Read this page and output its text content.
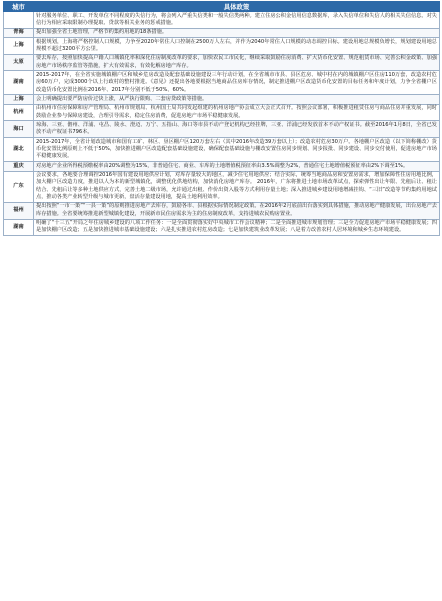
城市	具体政策
	针对服务单位、职工、开发单位不同程度的失信行为，将会列入严重失信类和一般失信类两种。建立住房公积金信用信息数据库，录入失信单位和失信人的相关失信信息。对失信行为相应采取限制办理提取、贷款等相关业务的惩戒措施。
青海	提出加强全省土地管理，严格节约集约用地的18条措施。
上海	根据规划，上海将严格控制人口规模，力争至2020年常住人口控制在2500万人左右，并作为2040年常住人口规模的动态调控目标。建设用地总规模负增长，规划建设用地总规模不超过3200平方公里。
太原	要去库存，按照加快提高户籍人口城镇化率和深化住房制度改革的要求，加快农民工市民化，继续采取鼓励住房消费、扩大货币化安置、规范租赁市场、完善公积金政策、加强房地产市场秩序监管等措施，扩大有效需求，有效化解房地产库存。
湖南	2015-2017年，在全省实施城镇棚户区和城乡危房改造及配套基础设施建设三年行动计划，在全省城市市县、县区危房、城中村在内的城镇棚户区住房110万套，改造农村危房60万户，完成3000个以上行政村的整村推进。《意见》还提出各地要根据当地商品住房库存情况，制定推进棚户区改造货币化安置的目标任务和年度计划，力争全省棚户区改造货币化安置比例在2016年、2017年分别不低于50%、60%。
上海	会上明确提出要严防房价过快上涨，从严执行限购、二套房贷政策等措施。
杭州	由杭州市住房保障和房产管理局、杭州市规划局、杭州国土局共同发起组建的杭州房地产协会成立大会正式召开。按照会议部署，积极推进租赁住房与商品住房并重发展，同时鼓励企业参与保障房建设，合理引导需求，稳定住房消费，促进房地产市场平稳健康发展。
海口	琼海、三亚、儋州、洋浦、屯昌、陵水、澄迈、万宁、五指山、海口等市县不动产登记机构已经挂牌，三亚、洋浦已经发放首本不动产权证书。截至2016年1月8日，全省已发放不动产权证书796本。
湖北	2015-2017年，全省计划改造城市和国有工矿、林区、垦区棚户区120万套左右（其中2016年改造39万套以上）；改造农村危房30万户。各地棚户区改造（以下简称棚改）货币化安置比例原则上不低于50%，加快推进棚户区改造配套基础设施建设，确保配套基础设施与棚改安置住房同步规划、同步报批、同步建设、同步交付使用，促进房地产市场平稳健康发展。
重庆	对房地产企业所得税预缴税率由20%调整为15%，非普通住宅、商业、车库的土地增值税预征率由3.5%调整为2%，普通住宅土地增值税预征率由2%下调至1%。
广东	会议要求，各地要合理调控2016年国有建设用地供应计划，对库存量较大的地区，减少住宅用地供应；结合实际，统筹当地商品房和安置房需求，增加保障性住房用地比例，加大棚户区改造力度，推进以人为本的新型城镇化，调整优化供地结构，加快消化房地产库存。 2016年，广东将推进土地市场改革试点，探索弹性出让年限、先租后让、租让结合、先租后让等多种土地供应方式，完善土地二级市场，允许通过出租、作价出资入股等方式利用存量土地；深入推进城乡建设用地增减挂钩、“三旧”改造等节约集约用地试点，推动各类产业转型升级与城市更新，盘活存量建设用地，提高土地利用效率。
福州	提出按照“一市一策”“一县一策”的原则推进房地产去库存，鼓励各市、县根据实际情况制定政策。在2016年2月底前出台落实到具体措施，推动房地产健康发展，出台房地产去库存措施。全省要统筹推进新型城镇化建设，开展新市民住房需求为主的住房制度改革，支持进城农民购房置业。
湖南	明确了“十三五”开局之年住房城乡建设的八项工作任务：一是全面贯彻落实好中央城市工作会议精神；二是全面推进城市规划管理；三是全力促进房地产市场平稳健康发展；四是加快棚户区改造；五是加快推进城市基础设施建设；六是扎实推进农村危房改造；七是加快建筑业改革发展；八是着力改善农村人居环境和城乡生态环境建设。
